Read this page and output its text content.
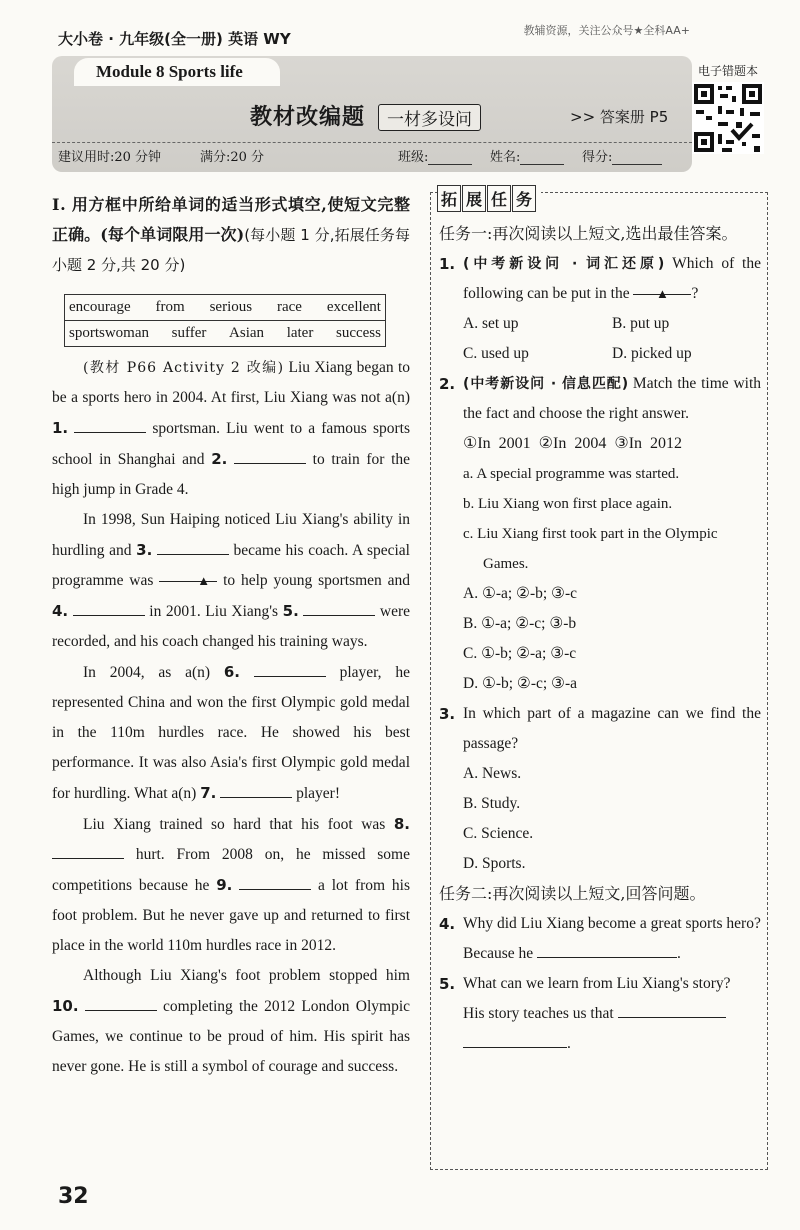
大小卷 · 九年级(全一册) 英语 WY	教辅资源，关注公众号★全科AA+
Module 8 Sports life
教材改编题	一材多设问	>> 答案册 P5
建议用时:20 分钟	满分:20 分	班级:	姓名:	得分:
电子错题本
Ⅰ. 用方框中所给单词的适当形式填空,使短文完整正确。(每个单词限用一次)(每小题 1 分,拓展任务每小题 2 分,共 20 分)
encourage from serious race excellent
sportswoman suffer Asian later success

(教材 P66 Activity 2 改编) Liu Xiang began to be a sports hero in 2004. At first, Liu Xiang was not a(n) 1.	sportsman. Liu went to a famous sports school in Shanghai and 2.	to train for the high jump in Grade 4.

In 1998, Sun Haiping noticed Liu Xiang's ability in hurdling and 3.	became his coach. A special programme was	▲ to help young sportsmen and 4.	in 2001. Liu Xiang's 5.	were recorded, and his coach changed his training ways.

In 2004, as a(n) 6.	player, he represented China and won the first Olympic gold medal in the 110m hurdles race. He showed his best performance. It was also Asia's first Olympic gold medal for hurdling. What a(n) 7.	player!

Liu Xiang trained so hard that his foot was 8.  hurt. From 2008 on, he missed some competitions because he 9.	a lot from his foot problem. But he never gave up and returned to first place in the world 110m hurdles race in 2012.

Although Liu Xiang's foot problem stopped him 10.	completing the 2012 London Olympic Games, we continue to be proud of him. His spirit has never gone. He is still a symbol of courage and success.

拓 展 任 务
任务一:再次阅读以上短文,选出最佳答案。
1. (中考新设问 · 词汇还原) Which of the following can be put in the ▲ ?
A. set up	B. put up
C. used up	D. picked up
2. (中考新设问 · 信息匹配) Match the time with the fact and choose the right answer.
①In 2001 ②In 2004 ③In 2012
a. A special programme was started.
b. Liu Xiang won first place again.
c. Liu Xiang first took part in the Olympic Games.
A. ①-a; ②-b; ③-c
B. ①-a; ②-c; ③-b
C. ①-b; ②-a; ③-c
D. ①-b; ②-c; ③-a
3. In which part of a magazine can we find the passage?
A. News.
B. Study.
C. Science.
D. Sports.
任务二:再次阅读以上短文,回答问题。
4. Why did Liu Xiang become a great sports hero?
Because he	.
5. What can we learn from Liu Xiang's story?
His story teaches us that
.
32
